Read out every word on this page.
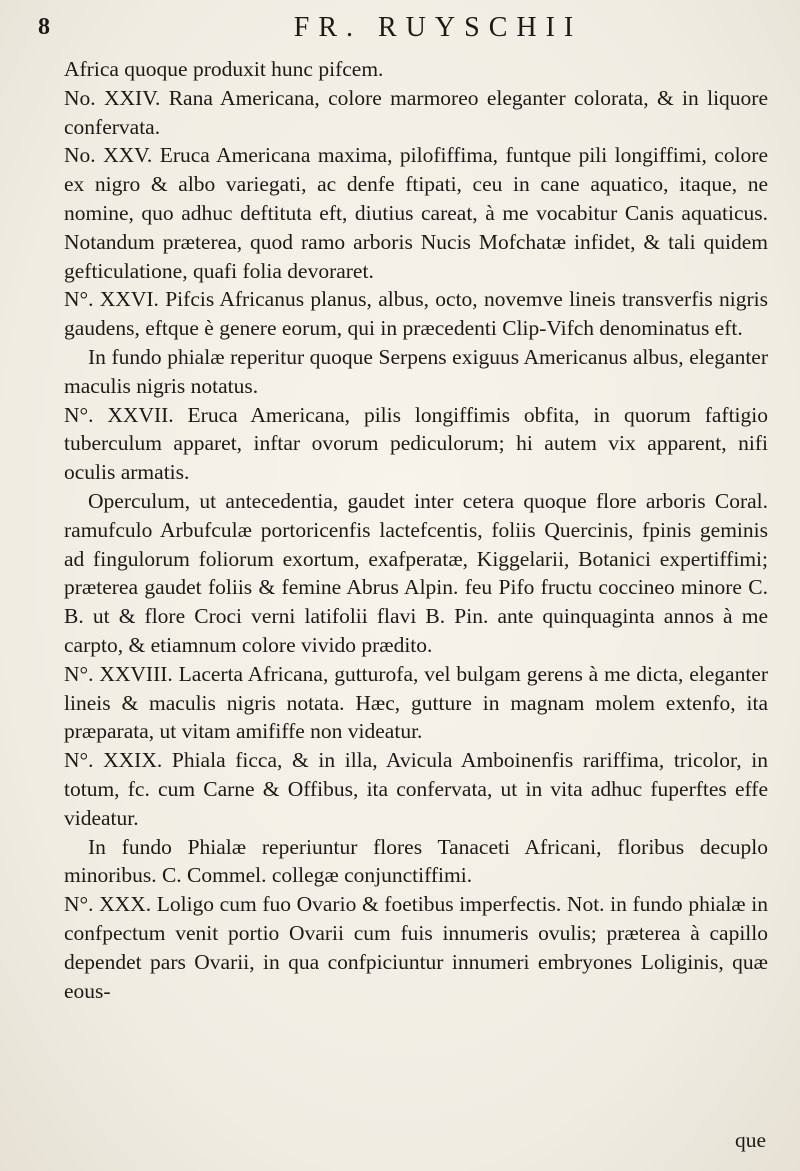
8	FR. RUYSCHII

Africa quoque produxit hunc pifcem.

No. XXIV. Rana Americana, colore marmoreo eleganter colorata, & in liquore confervata.

No. XXV. Eruca Americana maxima, pilofiffima, funtque pili longiffimi, colore ex nigro & albo variegati, ac denfe ftipati, ceu in cane aquatico, itaque, ne nomine, quo adhuc deftituta eft, diutius careat, à me vocabitur Canis aquaticus. Notandum præterea, quod ramo arboris Nucis Mofchatæ infidet, & tali quidem gefticulatione, quafi folia devoraret.

N°. XXVI. Pifcis Africanus planus, albus, octo, novemve lineis transverfis nigris gaudens, eftque è genere eorum, qui in præcedenti Clip-Vifch denominatus eft.

In fundo phialæ reperitur quoque Serpens exiguus Americanus albus, eleganter maculis nigris notatus.

N°. XXVII. Eruca Americana, pilis longiffimis obfita, in quorum faftigio tuberculum apparet, inftar ovorum pediculorum; hi autem vix apparent, nifi oculis armatis.

Operculum, ut antecedentia, gaudet inter cetera quoque flore arboris Coral. ramufculo Arbufculæ portoricenfis lactefcentis, foliis Quercinis, fpinis geminis ad fingulorum foliorum exortum, exafperatæ, Kiggelarii, Botanici expertiffimi; præterea gaudet foliis & femine Abrus Alpin. feu Pifo fructu coccineo minore C. B. ut & flore Croci verni latifolii flavi B. Pin. ante quinquaginta annos à me carpto, & etiamnum colore vivido prædito.

N°. XXVIII. Lacerta Africana, gutturofa, vel bulgam gerens à me dicta, eleganter lineis & maculis nigris notata. Hæc, gutture in magnam molem extenfo, ita præparata, ut vitam amififfe non videatur.

N°. XXIX. Phiala ficca, & in illa, Avicula Amboinenfis rariffima, tricolor, in totum, fc. cum Carne & Offibus, ita confervata, ut in vita adhuc fuperftes effe videatur.

In fundo Phialæ reperiuntur flores Tanaceti Africani, floribus decuplo minoribus. C. Commel. collegæ conjunctiffimi.

N°. XXX. Loligo cum fuo Ovario & foetibus imperfectis. Not. in fundo phialæ in confpectum venit portio Ovarii cum fuis innumeris ovulis; præterea à capillo dependet pars Ovarii, in qua confpiciuntur innumeri embryones Loliginis, quæ eous-

que
